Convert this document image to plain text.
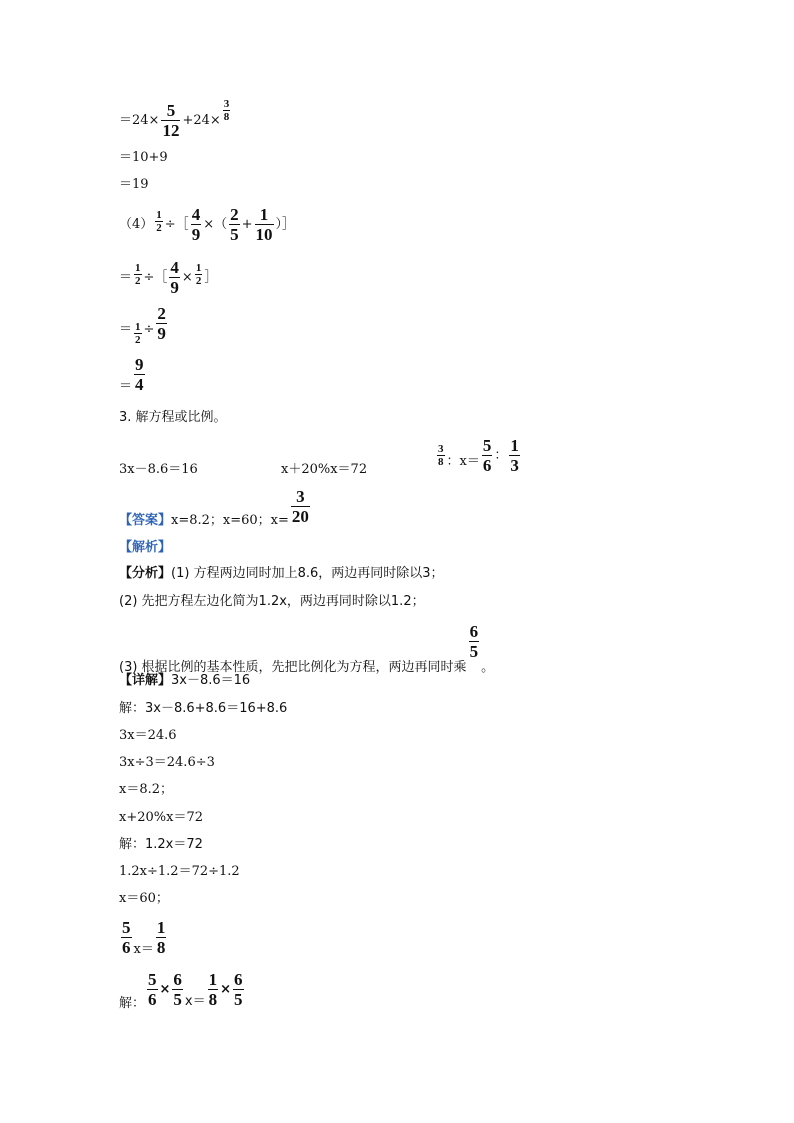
$=24\times \frac{5}{12} +24\times \frac{3}{8}$
＝10+9
＝19
$(4) \frac{1}{2}$ ÷［ $\frac{4}{9}$ ×（ $\frac{2}{5} + \frac{1}{10}$ ）］
＝ $\frac{1}{2}$ ÷［ $\frac{4}{9} \times \frac{1}{2}$ ］
＝ $\frac{1}{2} \div \frac{2}{9}$
＝ $\frac{9}{4}$
3. 解方程或比例。
3x－8.6＝16	x＋20%x＝72
$\frac{3}{8}$ ：$x= \frac{5}{6}$ ： $\frac{1}{3}$
【答案】x=8.2；x=60；$x= \frac{3}{20}$
【解析】
【分析】(1) 方程两边同时加上8.6，两边再同时除以3；
(2) 先把方程左边化简为1.2x，两边再同时除以1.2；
(3) 根据比例的基本性质，先把比例化为方程，两边再同时乘
$\frac{6}{5}$
。
【详解】3x－8.6＝16
解：3x－8.6+8.6＝16+8.6
3x＝24.6
3x÷3＝24.6÷3
x＝8.2；
x+20%x＝72
解：1.2x＝72
1.2x÷1.2＝72÷1.2
x＝60；
$\frac{5}{6} x= \frac{1}{8}$
解： $\frac{5}{6} \times \frac{6}{5} x= \frac{1}{8} \times \frac{6}{5}$
